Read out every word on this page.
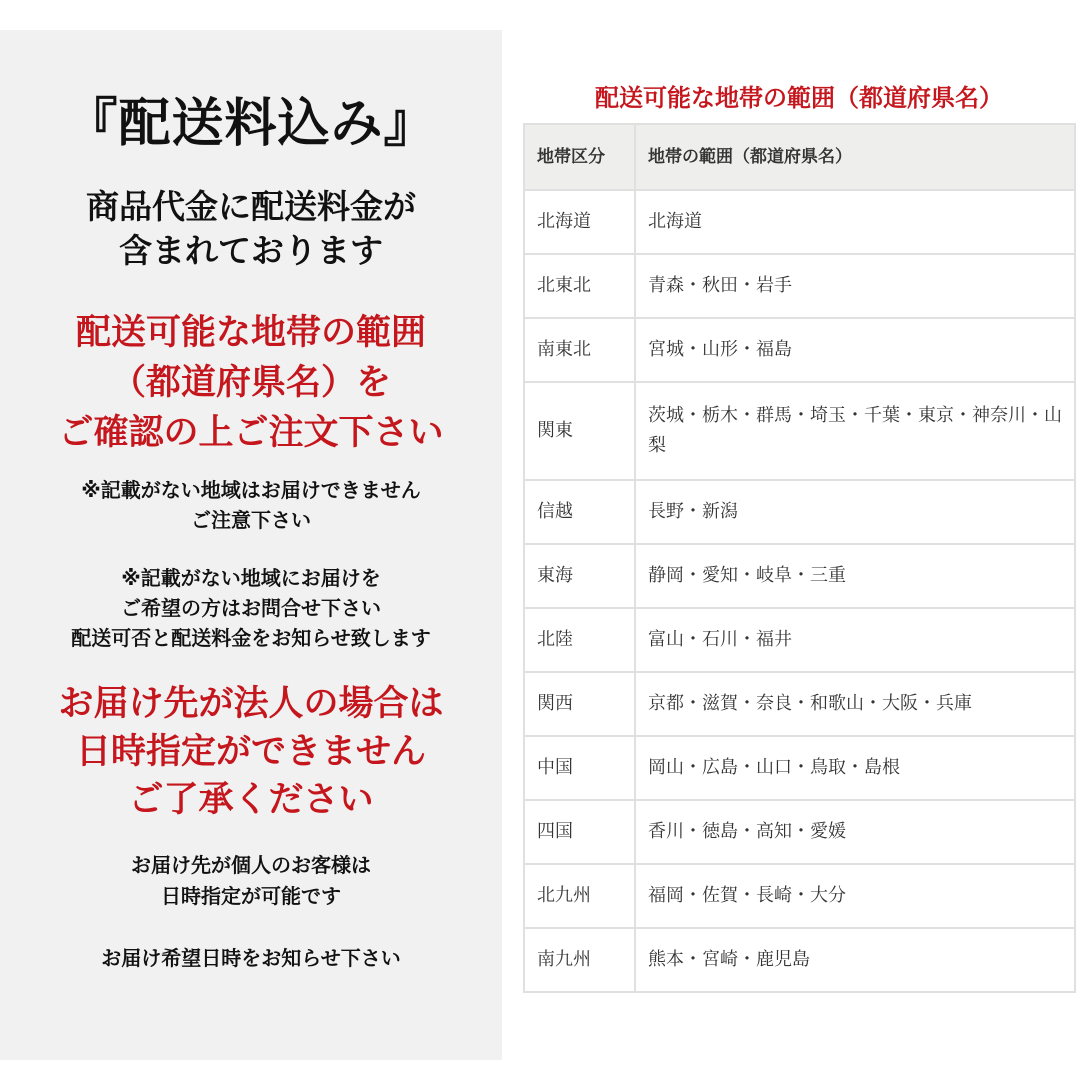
『配送料込み』
商品代金に配送料金が
含まれております
配送可能な地帯の範囲
（都道府県名）を
ご確認の上ご注文下さい
※記載がない地域はお届けできません
ご注意下さい
※記載がない地域にお届けを
ご希望の方はお問合せ下さい
配送可否と配送料金をお知らせ致します
お届け先が法人の場合は
日時指定ができません
ご了承ください
お届け先が個人のお客様は
日時指定が可能です
お届け希望日時をお知らせ下さい
配送可能な地帯の範囲（都道府県名）
地帯区分	地帯の範囲（都道府県名）
北海道	北海道
北東北	青森・秋田・岩手
南東北	宮城・山形・福島
関東	茨城・栃木・群馬・埼玉・千葉・東京・神奈川・山梨
信越	長野・新潟
東海	静岡・愛知・岐阜・三重
北陸	富山・石川・福井
関西	京都・滋賀・奈良・和歌山・大阪・兵庫
中国	岡山・広島・山口・鳥取・島根
四国	香川・徳島・高知・愛媛
北九州	福岡・佐賀・長崎・大分
南九州	熊本・宮崎・鹿児島
